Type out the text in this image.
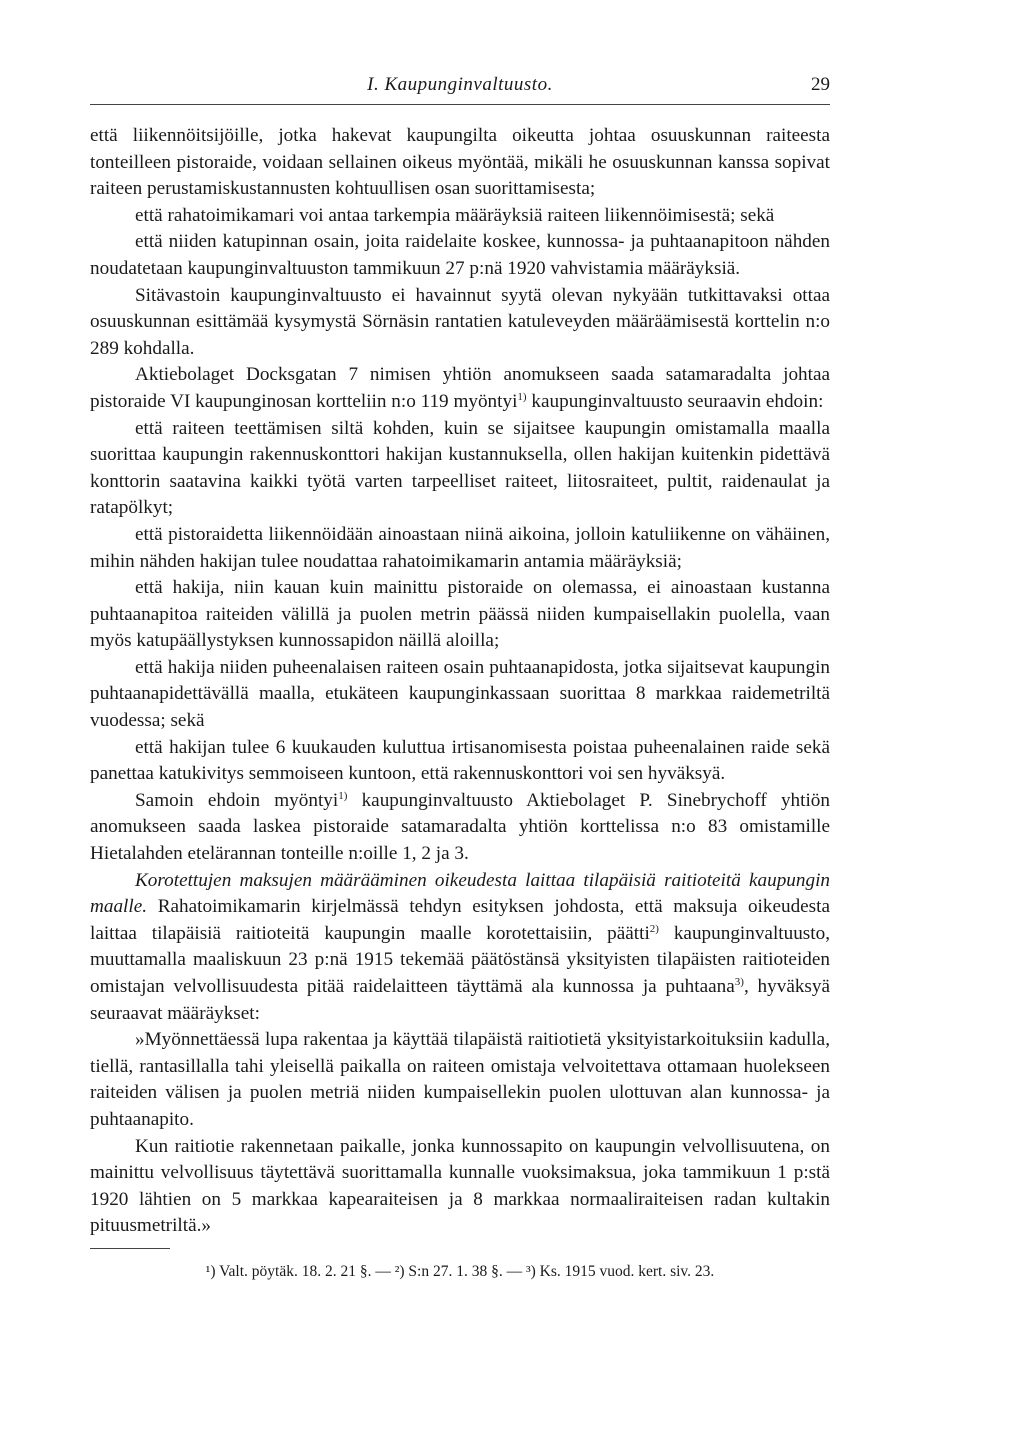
I. Kaupunginvaltuusto.	29

että liikennöitsijöille, jotka hakevat kaupungilta oikeutta johtaa osuuskunnan raiteesta tonteilleen pistoraide, voidaan sellainen oikeus myöntää, mikäli he osuuskunnan kanssa sopivat raiteen perustamiskustannusten kohtuullisen osan suorittamisesta;

että rahatoimikamari voi antaa tarkempia määräyksiä raiteen liikennöimisestä; sekä

että niiden katupinnan osain, joita raidelaite koskee, kunnossa- ja puhtaanapitoon nähden noudatetaan kaupunginvaltuuston tammikuun 27 p:nä 1920 vahvistamia määräyksiä.

Sitävastoin kaupunginvaltuusto ei havainnut syytä olevan nykyään tutkittavaksi ottaa osuuskunnan esittämää kysymystä Sörnäsin rantatien katuleveyden määräämisestä korttelin n:o 289 kohdalla.

Aktiebolaget Docksgatan 7 nimisen yhtiön anomukseen saada satamaradalta johtaa pistoraide VI kaupunginosan kortteliin n:o 119 myöntyi$^{1)}$ kaupunginvaltuusto seuraavin ehdoin:

että raiteen teettämisen siltä kohden, kuin se sijaitsee kaupungin omistamalla maalla suorittaa kaupungin rakennuskonttori hakijan kustannuksella, ollen hakijan kuitenkin pidettävä konttorin saatavina kaikki työtä varten tarpeelliset raiteet, liitosraiteet, pultit, raidenaulat ja ratapölkyt;

että pistoraidetta liikennöidään ainoastaan niinä aikoina, jolloin katuliikenne on vähäinen, mihin nähden hakijan tulee noudattaa rahatoimikamarin antamia määräyksiä;

että hakija, niin kauan kuin mainittu pistoraide on olemassa, ei ainoastaan kustanna puhtaanapitoa raiteiden välillä ja puolen metrin päässä niiden kumpaisellakin puolella, vaan myös katupäällystyksen kunnossapidon näillä aloilla;

että hakija niiden puheenalaisen raiteen osain puhtaanapidosta, jotka sijaitsevat kaupungin puhtaanapidettävällä maalla, etukäteen kaupunginkassaan suorittaa 8 markkaa raidemetriltä vuodessa; sekä

että hakijan tulee 6 kuukauden kuluttua irtisanomisesta poistaa puheenalainen raide sekä panettaa katukivitys semmoiseen kuntoon, että rakennuskonttori voi sen hyväksyä.

Samoin ehdoin myöntyi$^{1)}$ kaupunginvaltuusto Aktiebolaget P. Sinebrychoff yhtiön anomukseen saada laskea pistoraide satamaradalta yhtiön korttelissa n:o 83 omistamille Hietalahden etelärannan tonteille n:oille 1, 2 ja 3.

Korotettujen maksujen määrääminen oikeudesta laittaa tilapäisiä raitioteitä kaupungin maalle. Rahatoimikamarin kirjelmässä tehdyn esityksen johdosta, että maksuja oikeudesta laittaa tilapäisiä raitioteitä kaupungin maalle korotettaisiin, päätti$^{2)}$ kaupunginvaltuusto, muuttamalla maaliskuun 23 p:nä 1915 tekemää päätöstänsä yksityisten tilapäisten raitioteiden omistajan velvollisuudesta pitää raidelaitteen täyttämä ala kunnossa ja puhtaana$^{3)}$, hyväksyä seuraavat määräykset:

»Myönnettäessä lupa rakentaa ja käyttää tilapäistä raitiotietä yksityistarkoituksiin kadulla, tiellä, rantasillalla tahi yleisellä paikalla on raiteen omistaja velvoitettava ottamaan huolekseen raiteiden välisen ja puolen metriä niiden kumpaisellekin puolen ulottuvan alan kunnossa- ja puhtaanapito.

Kun raitiotie rakennetaan paikalle, jonka kunnossapito on kaupungin velvollisuutena, on mainittu velvollisuus täytettävä suorittamalla kunnalle vuoksimaksua, joka tammikuun 1 p:stä 1920 lähtien on 5 markkaa kapearaiteisen ja 8 markkaa normaaliraiteisen radan kultakin pituusmetriltä.»

¹) Valt. pöytäk. 18. 2. 21 §. — ²) S:n 27. 1. 38 §. — ³) Ks. 1915 vuod. kert. siv. 23.
